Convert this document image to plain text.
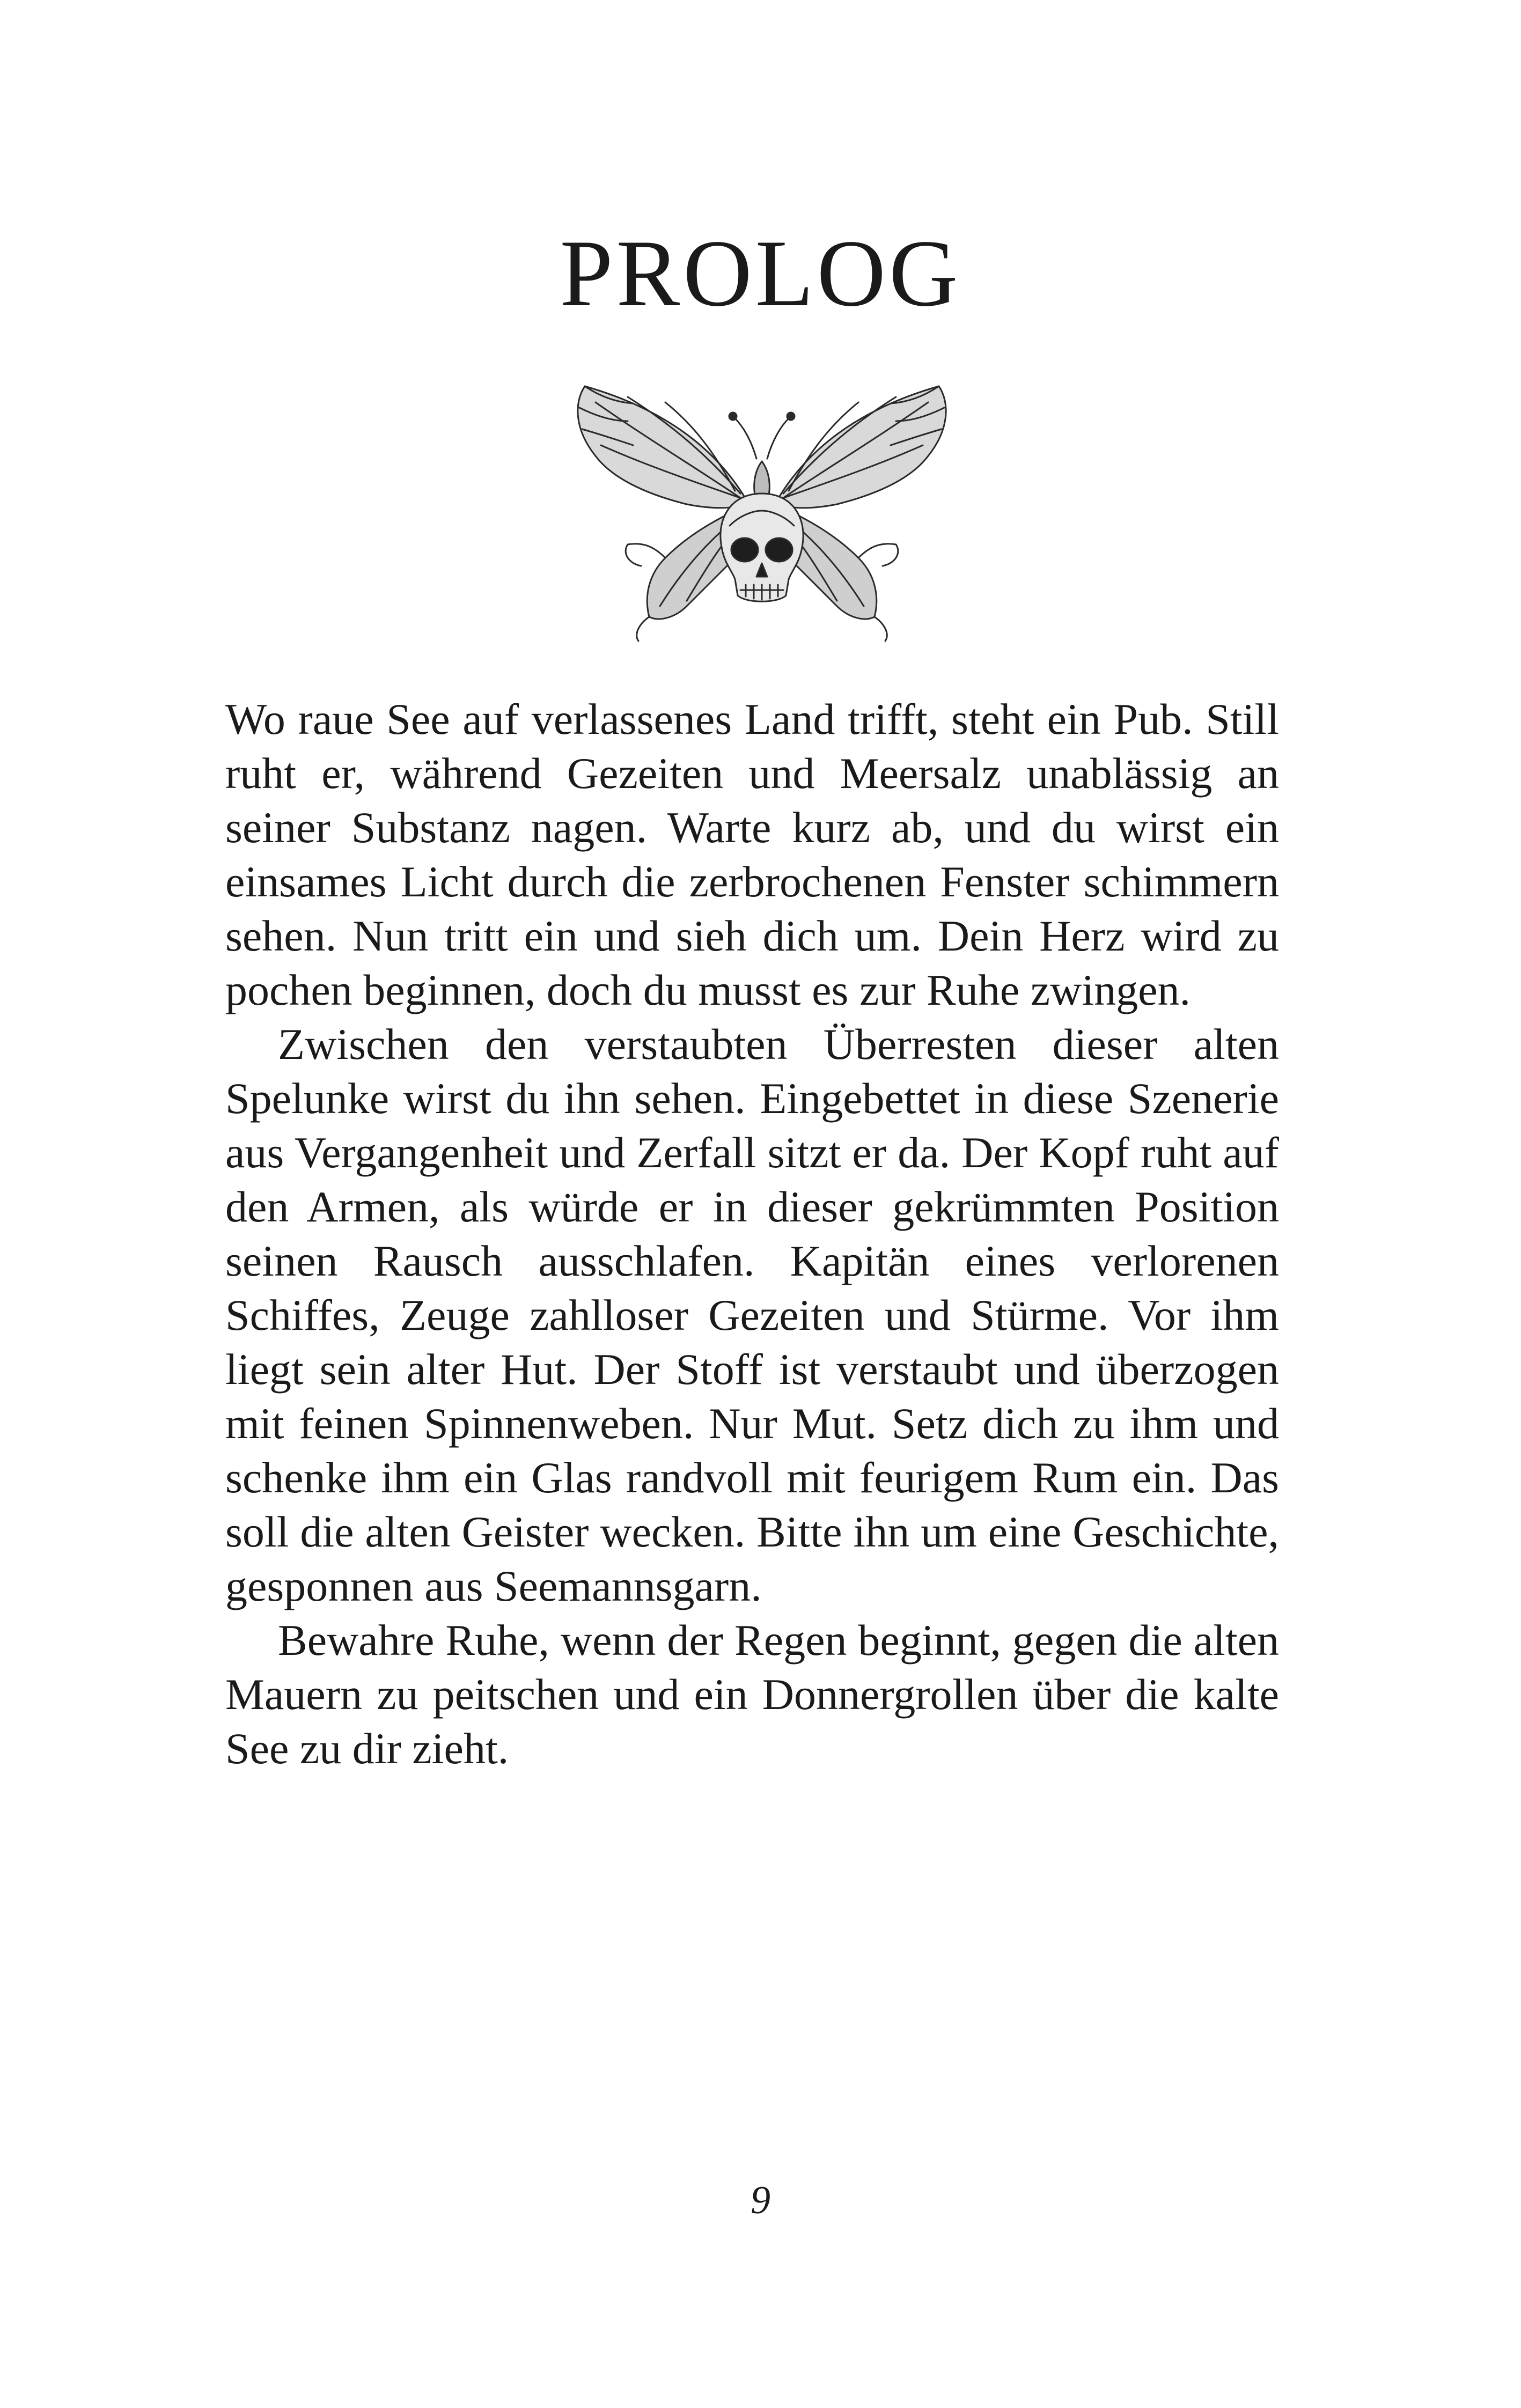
PROLOG

Wo raue See auf verlassenes Land trifft, steht ein Pub. Still ruht er, während Gezeiten und Meersalz unablässig an seiner Substanz nagen. Warte kurz ab, und du wirst ein einsames Licht durch die zerbrochenen Fenster schimmern sehen. Nun tritt ein und sieh dich um. Dein Herz wird zu pochen beginnen, doch du musst es zur Ruhe zwingen.

Zwischen den verstaubten Überresten dieser alten Spelunke wirst du ihn sehen. Eingebettet in diese Szenerie aus Vergangenheit und Zerfall sitzt er da. Der Kopf ruht auf den Armen, als würde er in dieser gekrümmten Position seinen Rausch ausschlafen. Kapitän eines verlorenen Schiffes, Zeuge zahlloser Gezeiten und Stürme. Vor ihm liegt sein alter Hut. Der Stoff ist verstaubt und überzogen mit feinen Spinnenweben. Nur Mut. Setz dich zu ihm und schenke ihm ein Glas randvoll mit feurigem Rum ein. Das soll die alten Geister wecken. Bitte ihn um eine Geschichte, gesponnen aus Seemannsgarn.

Bewahre Ruhe, wenn der Regen beginnt, gegen die alten Mauern zu peitschen und ein Donnergrollen über die kalte See zu dir zieht.

9
